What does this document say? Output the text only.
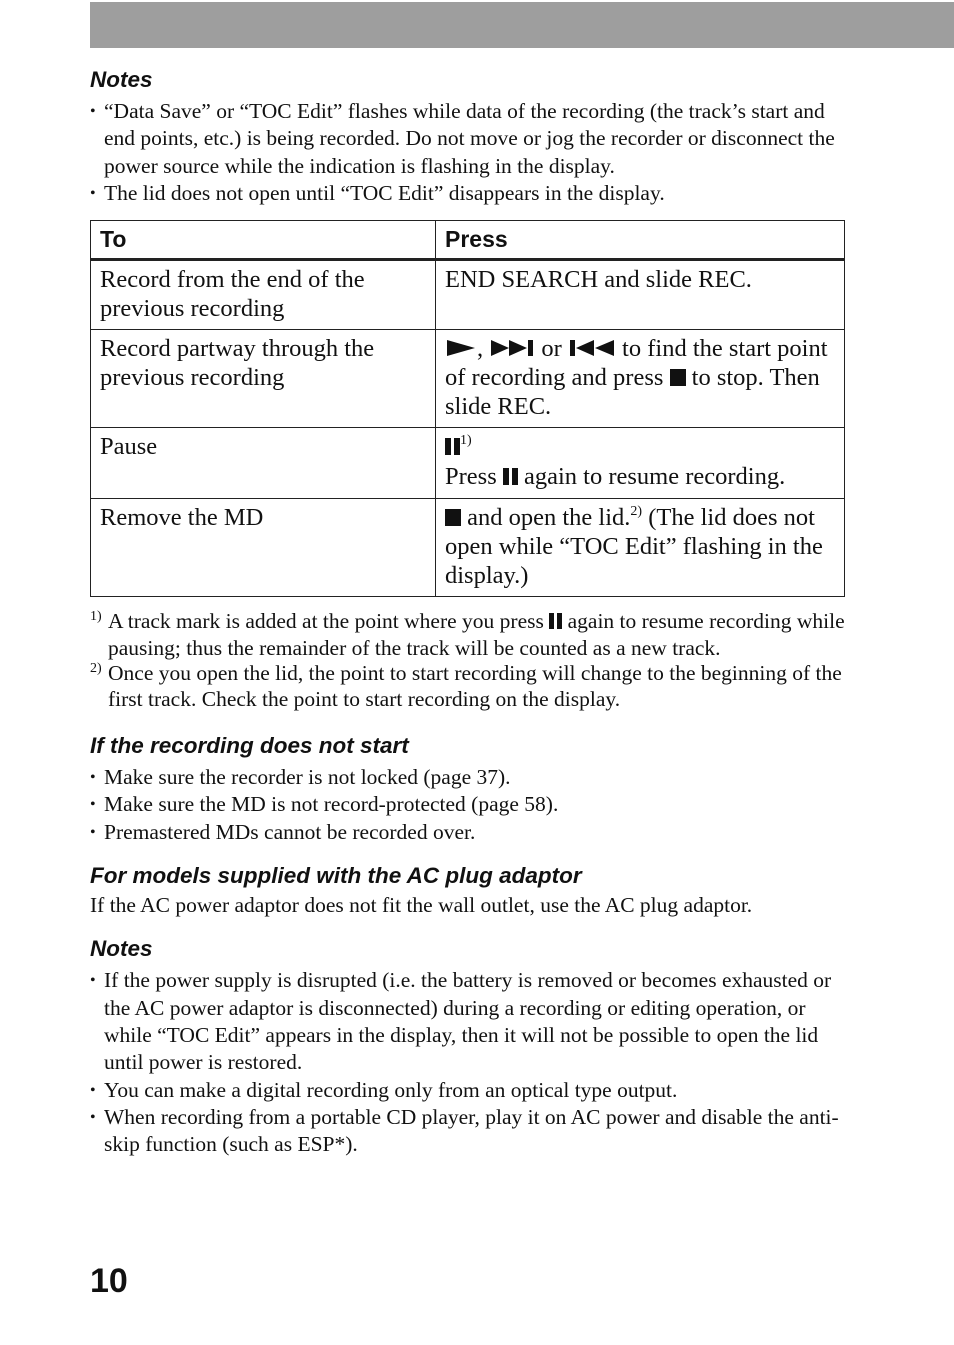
Notes
• “Data Save” or “TOC Edit” flashes while data of the recording (the track’s start and end points, etc.) is being recorded. Do not move or jog the recorder or disconnect the power source while the indication is flashing in the display.
• The lid does not open until “TOC Edit” disappears in the display.
To	Press
Record from the end of the previous recording	END SEARCH and slide REC.
Record partway through the previous recording	, or to find the start point of recording and press to stop. Then slide REC.
Pause	$^{1)}$
Press again to resume recording.
Remove the MD	and open the lid.$^{2)}$ (The lid does not open while “TOC Edit” flashing in the display.)
1) A track mark is added at the point where you press again to resume recording while pausing; thus the remainder of the track will be counted as a new track.
2) Once you open the lid, the point to start recording will change to the beginning of the first track. Check the point to start recording on the display.
If the recording does not start
• Make sure the recorder is not locked (page 37).
• Make sure the MD is not record-protected (page 58).
• Premastered MDs cannot be recorded over.
For models supplied with the AC plug adaptor

If the AC power adaptor does not fit the wall outlet, use the AC plug adaptor.

Notes
• If the power supply is disrupted (i.e. the battery is removed or becomes exhausted or the AC power adaptor is disconnected) during a recording or editing operation, or while “TOC Edit” appears in the display, then it will not be possible to open the lid until power is restored.
• You can make a digital recording only from an optical type output.
• When recording from a portable CD player, play it on AC power and disable the anti-skip function (such as ESP*).
10
